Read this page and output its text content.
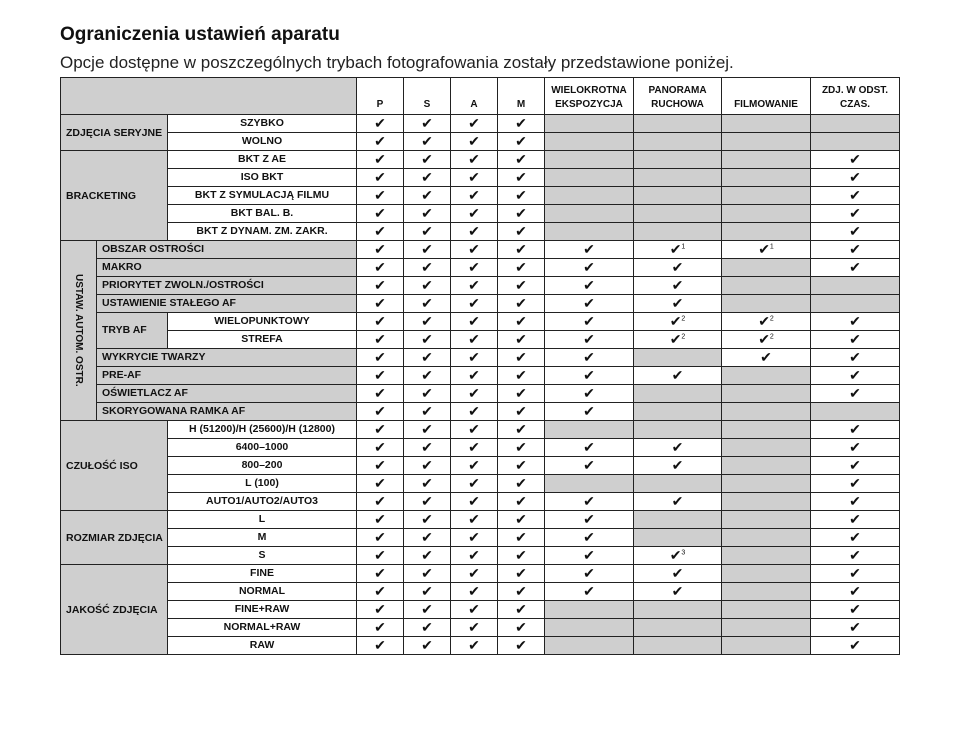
Ograniczenia ustawień aparatu

Opcje dostępne w poszczególnych trybach fotografowania zostały przedstawione poniżej.

			P	S	A	M	WIELOKROTNA EKSPOZYCJA	PANORAMA RUCHOWA	FILMOWANIE	ZDJ. W ODST. CZAS.
ZDJĘCIA SERYJNE		SZYBKO	✔	✔	✔	✔				
		WOLNO	✔	✔	✔	✔				
BRACKETING		BKT Z AE	✔	✔	✔	✔				✔
		ISO BKT	✔	✔	✔	✔				✔
		BKT Z SYMULACJĄ FILMU	✔	✔	✔	✔				✔
		BKT BAL. B.	✔	✔	✔	✔				✔
		BKT Z DYNAM. ZM. ZAKR.	✔	✔	✔	✔				✔
USTAW. AUTOM. OSTR.	OBSZAR OSTROŚCI		✔	✔	✔	✔	✔	✔$^1$	✔$^1$	✔
	MAKRO		✔	✔	✔	✔	✔	✔		✔
	PRIORYTET ZWOLN./OSTROŚCI		✔	✔	✔	✔	✔	✔		
	USTAWIENIE STAŁEGO AF		✔	✔	✔	✔	✔	✔		
	TRYB AF	WIELOPUNKTOWY	✔	✔	✔	✔	✔	✔$^2$	✔$^2$	✔
		STREFA	✔	✔	✔	✔	✔	✔$^2$	✔$^2$	✔
	WYKRYCIE TWARZY		✔	✔	✔	✔	✔		✔	✔
	PRE-AF		✔	✔	✔	✔	✔	✔		✔
	OŚWIETLACZ AF		✔	✔	✔	✔	✔			✔
	SKORYGOWANA RAMKA AF		✔	✔	✔	✔	✔			
CZUŁOŚĆ ISO		H (51200)/H (25600)/H (12800)	✔	✔	✔	✔				✔
		6400–1000	✔	✔	✔	✔	✔	✔		✔
		800–200	✔	✔	✔	✔	✔	✔		✔
		L (100)	✔	✔	✔	✔				✔
		AUTO1/AUTO2/AUTO3	✔	✔	✔	✔	✔	✔		✔
ROZMIAR ZDJĘCIA		L	✔	✔	✔	✔	✔			✔
		M	✔	✔	✔	✔	✔			✔
		S	✔	✔	✔	✔	✔	✔$^3$		✔
JAKOŚĆ ZDJĘCIA		FINE	✔	✔	✔	✔	✔	✔		✔
		NORMAL	✔	✔	✔	✔	✔	✔		✔
		FINE+RAW	✔	✔	✔	✔				✔
		NORMAL+RAW	✔	✔	✔	✔				✔
		RAW	✔	✔	✔	✔				✔
